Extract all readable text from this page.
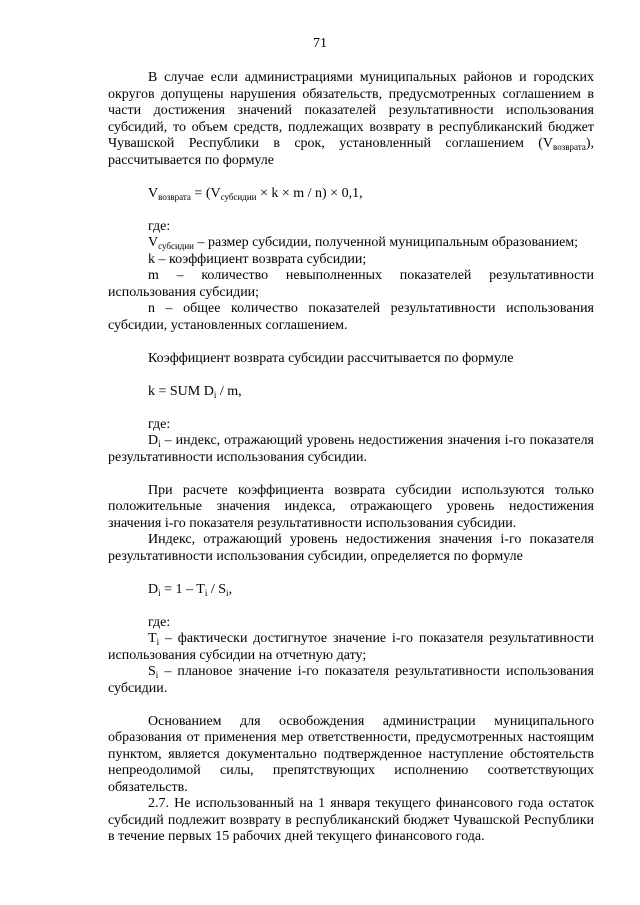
71

В случае если администрациями муниципальных районов и городских округов допущены нарушения обязательств, предусмотренных соглашением в части достижения значений показателей результативности использования субсидий, то объем средств, подлежащих возврату в республиканский бюджет Чувашской Республики в срок, установленный соглашением $(V_{возврата})$, рассчитывается по формуле

$V_{возврата} = (V_{субсидии} \times k \times m / n) \times 0,1$,

где:

$V_{субсидии}$ – размер субсидии, полученной муниципальным образованием;

k – коэффициент возврата субсидии;

m – количество невыполненных показателей результативности использования субсидии;

n – общее количество показателей результативности использования субсидии, установленных соглашением.

Коэффициент возврата субсидии рассчитывается по формуле

k = SUM $D_i$ / m,

где:

$D_i$ – индекс, отражающий уровень недостижения значения i-го показателя результативности использования субсидии.

При расчете коэффициента возврата субсидии используются только положительные значения индекса, отражающего уровень недостижения значения i-го показателя результативности использования субсидии.

Индекс, отражающий уровень недостижения значения i-го показателя результативности использования субсидии, определяется по формуле

$D_i = 1 - T_i / S_i$,

где:

$T_i$ – фактически достигнутое значение i-го показателя результативности использования субсидии на отчетную дату;

$S_i$ – плановое значение i-го показателя результативности использования субсидии.

Основанием для освобождения администрации муниципального образования от применения мер ответственности, предусмотренных настоящим пунктом, является документально подтвержденное наступление обстоятельств непреодолимой силы, препятствующих исполнению соответствующих обязательств.

2.7. Не использованный на 1 января текущего финансового года остаток субсидий подлежит возврату в республиканский бюджет Чувашской Республики в течение первых 15 рабочих дней текущего финансового года.
